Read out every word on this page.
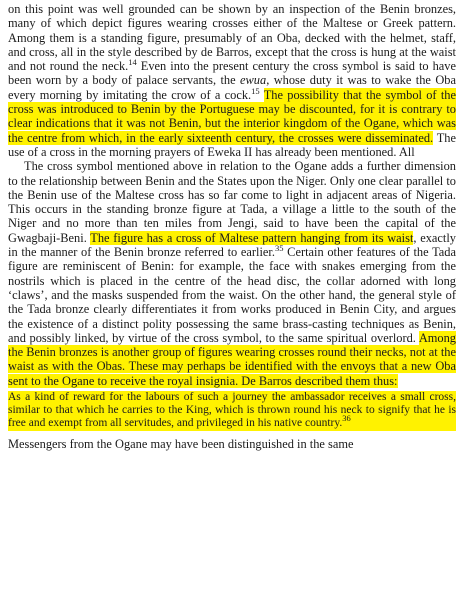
on this point was well grounded can be shown by an inspection of the Benin bronzes, many of which depict figures wearing crosses either of the Maltese or Greek pattern. Among them is a standing figure, presumably of an Oba, decked with the helmet, staff, and cross, all in the style described by de Barros, except that the cross is hung at the waist and not round the neck.$^{14}$ Even into the present century the cross symbol is said to have been worn by a body of palace servants, the ewua, whose duty it was to wake the Oba every morning by imitating the crow of a cock.$^{15}$ The possibility that the symbol of the cross was introduced to Benin by the Portuguese may be discounted, for it is contrary to clear indications that it was not Benin, but the interior kingdom of the Ogane, which was the centre from which, in the early sixteenth century, the crosses were disseminated. The use of a cross in the morning prayers of Eweka II has already been mentioned. All

The cross symbol mentioned above in relation to the Ogane adds a further dimension to the relationship between Benin and the States upon the Niger. Only one clear parallel to the Benin use of the Maltese cross has so far come to light in adjacent areas of Nigeria. This occurs in the standing bronze figure at Tada, a village a little to the south of the Niger and no more than ten miles from Jengi, said to have been the capital of the Gwagbaji-Beni. The figure has a cross of Maltese pattern hanging from its waist, exactly in the manner of the Benin bronze referred to earlier.$^{35}$ Certain other features of the Tada figure are reminiscent of Benin: for example, the face with snakes emerging from the nostrils which is placed in the centre of the head disc, the collar adorned with long ‘claws’, and the masks suspended from the waist. On the other hand, the general style of the Tada bronze clearly differentiates it from works produced in Benin City, and argues the existence of a distinct polity possessing the same brass-casting techniques as Benin, and possibly linked, by virtue of the cross symbol, to the same spiritual overlord. Among the Benin bronzes is another group of figures wearing crosses round their necks, not at the waist as with the Obas. These may perhaps be identified with the envoys that a new Oba sent to the Ogane to receive the royal insignia. De Barros described them thus:

As a kind of reward for the labours of such a journey the ambassador receives a small cross, similar to that which he carries to the King, which is thrown round his neck to signify that he is free and exempt from all servitudes, and privileged in his native country.$^{36}$

Messengers from the Ogane may have been distinguished in the same
